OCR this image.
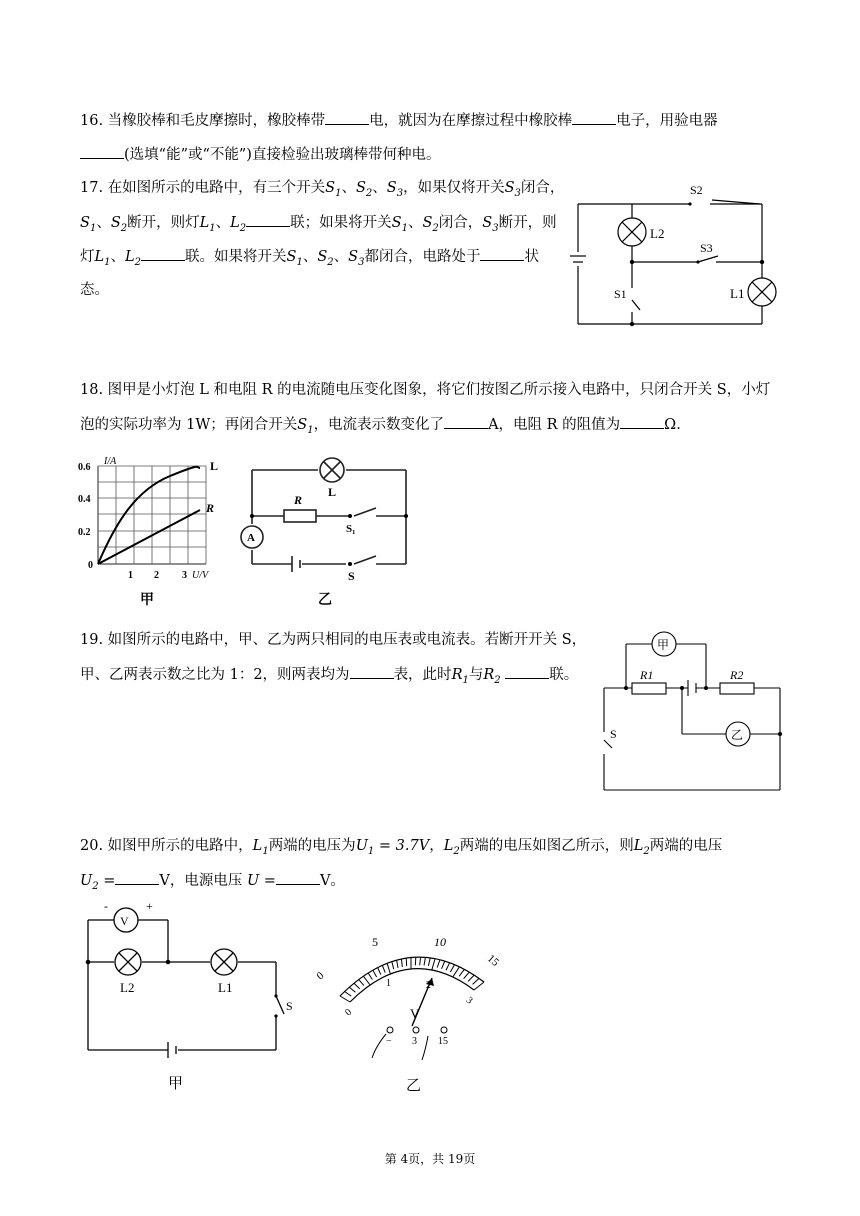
16. 当橡胶棒和毛皮摩擦时，橡胶棒带	电，就因为在摩擦过程中橡胶棒	电子，用验电器
(选填“能”或“不能”)直接检验出玻璃棒带何种电。
17. 在如图所示的电路中，有三个开关$S_1$、$S_2$、$S_3$，如果仅将开关$S_3$闭合，
$S_1$、$S_2$断开，则灯$L_1$、$L_2$	联；如果将开关$S_1$、$S_2$闭合，$S_3$断开，则
灯$L_1$、$L_2$	联。如果将开关$S_1$、$S_2$、$S_3$都闭合，电路处于	状
态。
S2
L2
S3
S1	L1
18. 图甲是小灯泡 L 和电阻 R 的电流随电压变化图象，将它们按图乙所示接入电路中，只闭合开关 S，小灯
泡的实际功率为 1W；再闭合开关$S_1$，电流表示数变化了	A，电阻 R 的阻值为	Ω.
I/A
0.6
0.4
0.2
0
1 2 3 U/V
L
R
甲
L
R
A
S₁
S
乙
19. 如图所示的电路中，甲、乙为两只相同的电压表或电流表。若断开开关 S，
甲、乙两表示数之比为 1：2，则两表均为	表，此时$R_1$与$R_2$	联。
甲
乙
R1	R2
S
20. 如图甲所示的电路中，$L_1$两端的电压为$U_1 = 3.7V$，$L_2$两端的电压如图乙所示，则$L_2$两端的电压
$U_2$ =	V，电源电压 U =	V。
V
-	+
L2	L1
S
甲
0
5	10
15
0
1	2
3
V
− 3 15
乙
第 4页，共 19页
